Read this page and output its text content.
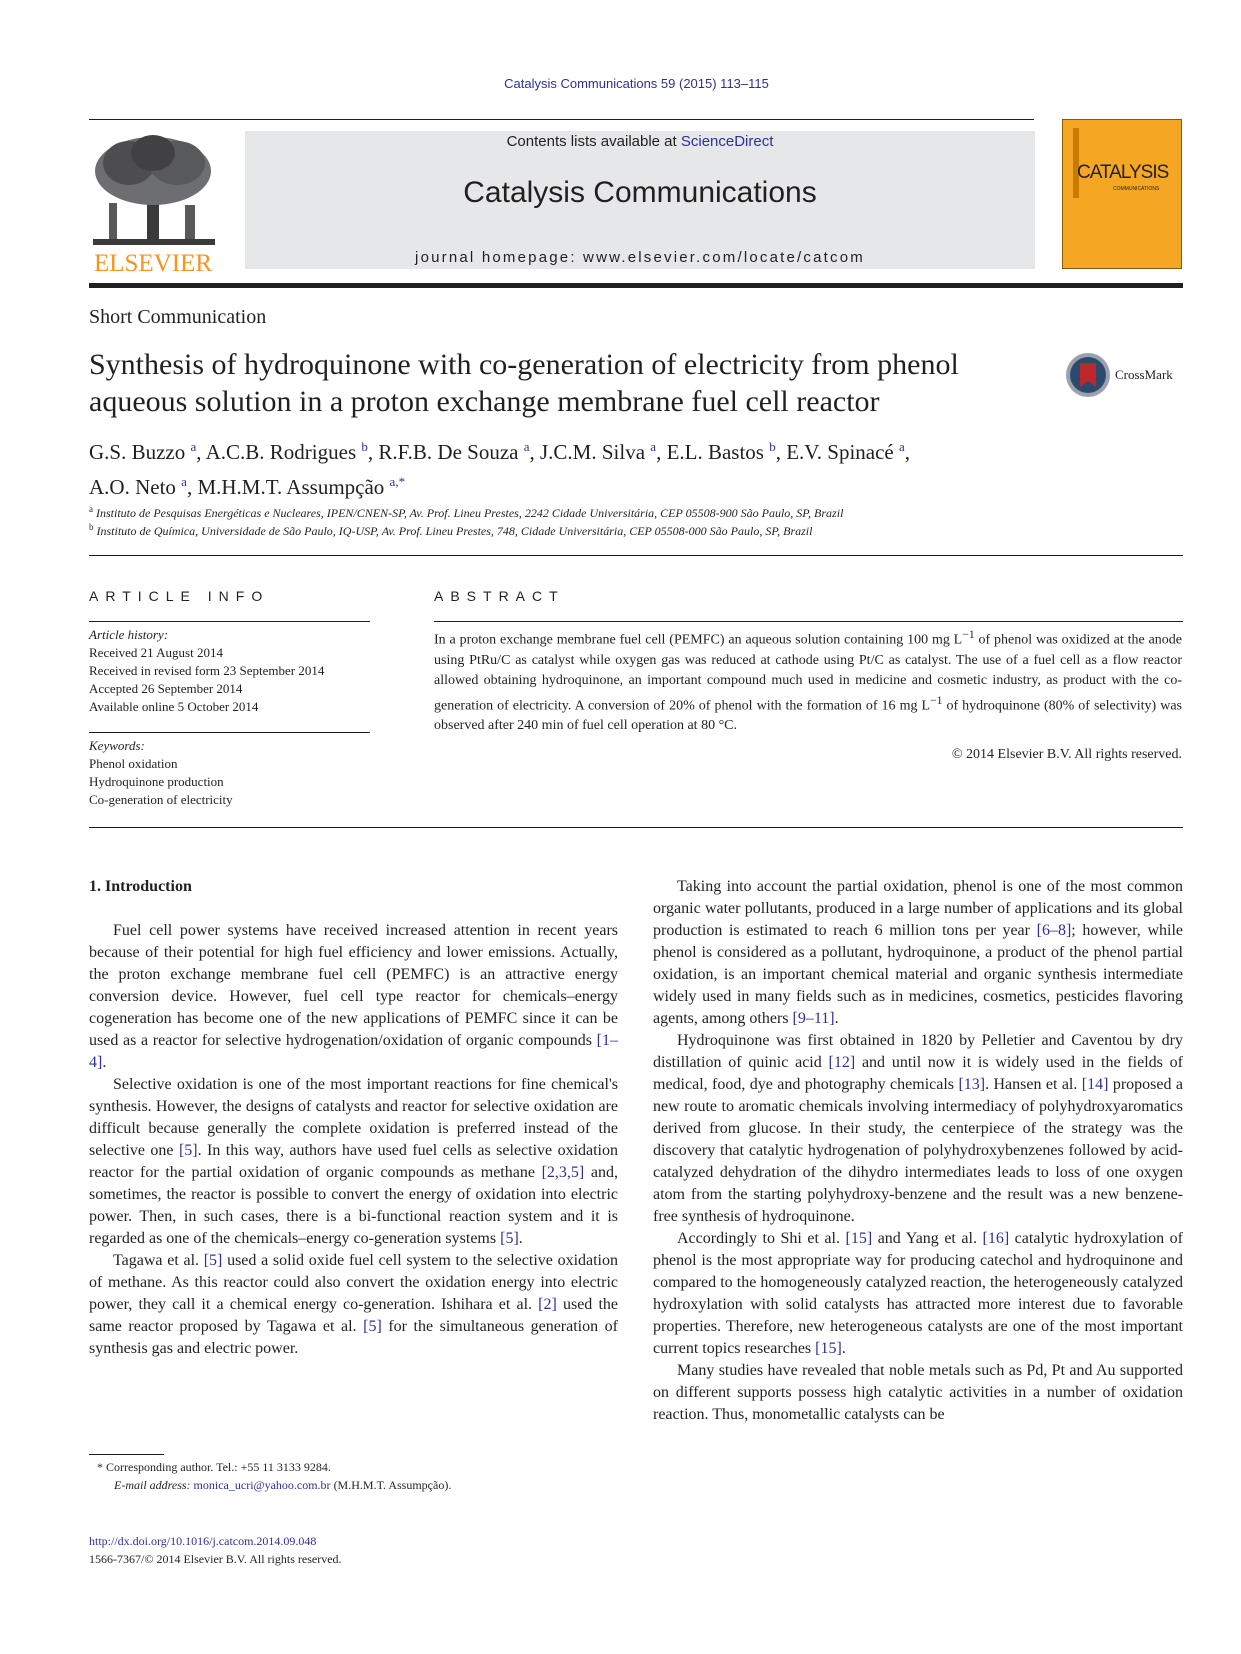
Catalysis Communications 59 (2015) 113–115
ELSEVIER
Contents lists available at ScienceDirect
Catalysis Communications
journal homepage: www.elsevier.com/locate/catcom
CATALYSIS
COMMUNICATIONS
Short Communication
Synthesis of hydroquinone with co-generation of electricity from phenol
aqueous solution in a proton exchange membrane fuel cell reactor
CrossMark
G.S. Buzzo $^a$, A.C.B. Rodrigues $^b$, R.F.B. De Souza $^a$, J.C.M. Silva $^a$, E.L. Bastos $^b$, E.V. Spinacé $^a$,
A.O. Neto $^a$, M.H.M.T. Assumpção $^{a,*}$
$^a$ Instituto de Pesquisas Energéticas e Nucleares, IPEN/CNEN-SP, Av. Prof. Lineu Prestes, 2242 Cidade Universitária, CEP 05508-900 São Paulo, SP, Brazil
$^b$ Instituto de Química, Universidade de São Paulo, IQ-USP, Av. Prof. Lineu Prestes, 748, Cidade Universitária, CEP 05508-000 São Paulo, SP, Brazil
ARTICLE INFO
Article history:
Received 21 August 2014
Received in revised form 23 September 2014
Accepted 26 September 2014
Available online 5 October 2014
Keywords:
Phenol oxidation
Hydroquinone production
Co-generation of electricity
ABSTRACT
In a proton exchange membrane fuel cell (PEMFC) an aqueous solution containing 100 mg $L^{-1}$ of phenol was oxidized at the anode using PtRu/C as catalyst while oxygen gas was reduced at cathode using Pt/C as catalyst. The use of a fuel cell as a flow reactor allowed obtaining hydroquinone, an important compound much used in medicine and cosmetic industry, as product with the co-generation of electricity. A conversion of 20% of phenol with the formation of 16 mg $L^{-1}$ of hydroquinone (80% of selectivity) was observed after 240 min of fuel cell operation at 80 °C.
© 2014 Elsevier B.V. All rights reserved.
1. Introduction

Fuel cell power systems have received increased attention in recent years because of their potential for high fuel efficiency and lower emissions. Actually, the proton exchange membrane fuel cell (PEMFC) is an attractive energy conversion device. However, fuel cell type reactor for chemicals–energy cogeneration has become one of the new applications of PEMFC since it can be used as a reactor for selective hydrogenation/oxidation of organic compounds [1–4].

Selective oxidation is one of the most important reactions for fine chemical's synthesis. However, the designs of catalysts and reactor for selective oxidation are difficult because generally the complete oxidation is preferred instead of the selective one [5]. In this way, authors have used fuel cells as selective oxidation reactor for the partial oxidation of organic compounds as methane [2,3,5] and, sometimes, the reactor is possible to convert the energy of oxidation into electric power. Then, in such cases, there is a bi-functional reaction system and it is regarded as one of the chemicals–energy co-generation systems [5].

Tagawa et al. [5] used a solid oxide fuel cell system to the selective oxidation of methane. As this reactor could also convert the oxidation energy into electric power, they call it a chemical energy co-generation. Ishihara et al. [2] used the same reactor proposed by Tagawa et al. [5] for the simultaneous generation of synthesis gas and electric power.

Taking into account the partial oxidation, phenol is one of the most common organic water pollutants, produced in a large number of applications and its global production is estimated to reach 6 million tons per year [6–8]; however, while phenol is considered as a pollutant, hydroquinone, a product of the phenol partial oxidation, is an important chemical material and organic synthesis intermediate widely used in many fields such as in medicines, cosmetics, pesticides flavoring agents, among others [9–11].

Hydroquinone was first obtained in 1820 by Pelletier and Caventou by dry distillation of quinic acid [12] and until now it is widely used in the fields of medical, food, dye and photography chemicals [13]. Hansen et al. [14] proposed a new route to aromatic chemicals involving intermediacy of polyhydroxyaromatics derived from glucose. In their study, the centerpiece of the strategy was the discovery that catalytic hydrogenation of polyhydroxybenzenes followed by acid-catalyzed dehydration of the dihydro intermediates leads to loss of one oxygen atom from the starting polyhydroxy-benzene and the result was a new benzene-free synthesis of hydroquinone.

Accordingly to Shi et al. [15] and Yang et al. [16] catalytic hydroxylation of phenol is the most appropriate way for producing catechol and hydroquinone and compared to the homogeneously catalyzed reaction, the heterogeneously catalyzed hydroxylation with solid catalysts has attracted more interest due to favorable properties. Therefore, new heterogeneous catalysts are one of the most important current topics researches [15].

Many studies have revealed that noble metals such as Pd, Pt and Au supported on different supports possess high catalytic activities in a number of oxidation reaction. Thus, monometallic catalysts can be

* Corresponding author. Tel.: +55 11 3133 9284.
E-mail address: monica_ucri@yahoo.com.br (M.H.M.T. Assumpção).
http://dx.doi.org/10.1016/j.catcom.2014.09.048
1566-7367/© 2014 Elsevier B.V. All rights reserved.
